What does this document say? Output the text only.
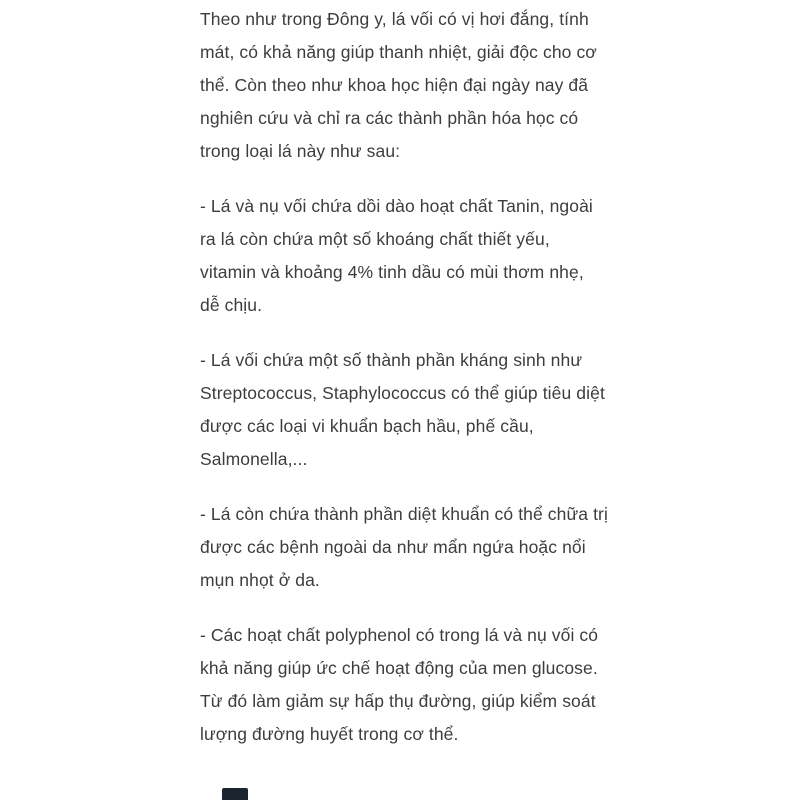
Theo như trong Đông y, lá vối có vị hơi đắng, tính mát, có khả năng giúp thanh nhiệt, giải độc cho cơ thể. Còn theo như khoa học hiện đại ngày nay đã nghiên cứu và chỉ ra các thành phần hóa học có trong loại lá này như sau:

- Lá và nụ vối chứa dồi dào hoạt chất Tanin, ngoài ra lá còn chứa một số khoáng chất thiết yếu, vitamin và khoảng 4% tinh dầu có mùi thơm nhẹ, dễ chịu.

- Lá vối chứa một số thành phần kháng sinh như Streptococcus, Staphylococcus có thể giúp tiêu diệt được các loại vi khuẩn bạch hầu, phế cầu, Salmonella,...

- Lá còn chứa thành phần diệt khuẩn có thể chữa trị được các bệnh ngoài da như mẩn ngứa hoặc nổi mụn nhọt ở da.

- Các hoạt chất polyphenol có trong lá và nụ vối có khả năng giúp ức chế hoạt động của men glucose. Từ đó làm giảm sự hấp thụ đường, giúp kiểm soát lượng đường huyết trong cơ thể.
